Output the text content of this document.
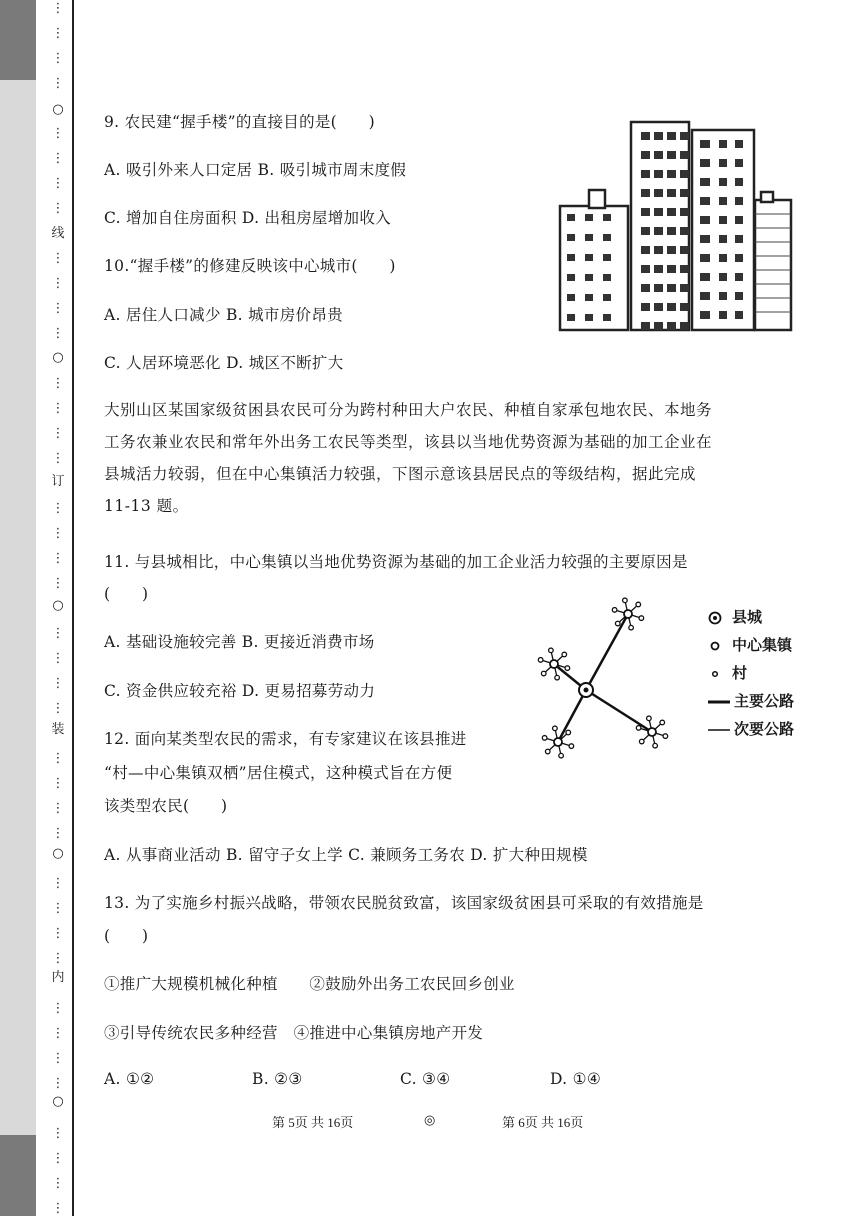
⋮
⋮
⋮
⋮
○
⋮
⋮
⋮
⋮
线
⋮
⋮
⋮
⋮
○
⋮
⋮
⋮
⋮
订
⋮
⋮
⋮
⋮
○
⋮
⋮
⋮
⋮
装
⋮
⋮
⋮
⋮
○
⋮
⋮
⋮
⋮
内
⋮
⋮
⋮
⋮
○
⋮
⋮
⋮
⋮
9. 农民建“握手楼”的直接目的是(　　)
A. 吸引外来人口定居 B. 吸引城市周末度假
C. 增加自住房面积 D. 出租房屋增加收入
10.“握手楼”的修建反映该中心城市(　　)
A. 居住人口减少 B. 城市房价昂贵
C. 人居环境恶化 D. 城区不断扩大
大别山区某国家级贫困县农民可分为跨村种田大户农民、种植自家承包地农民、本地务
工务农兼业农民和常年外出务工农民等类型，该县以当地优势资源为基础的加工企业在
县城活力较弱，但在中心集镇活力较强，下图示意该县居民点的等级结构，据此完成
11-13 题。
11. 与县城相比，中心集镇以当地优势资源为基础的加工企业活力较强的主要原因是
(　　)
A. 基础设施较完善 B. 更接近消费市场
C. 资金供应较充裕 D. 更易招募劳动力
县城
中心集镇
村
主要公路
次要公路
12. 面向某类型农民的需求，有专家建议在该县推进
“村—中心集镇双栖”居住模式，这种模式旨在方便
该类型农民(　　)
A. 从事商业活动 B. 留守子女上学 C. 兼顾务工务农 D. 扩大种田规模
13. 为了实施乡村振兴战略，带领农民脱贫致富，该国家级贫困县可采取的有效措施是
(　　)
①推广大规模机械化种植　　②鼓励外出务工农民回乡创业
③引导传统农民多种经营　④推进中心集镇房地产开发
A. ①②	B. ②③	C. ③④	D. ①④
第 5页 共 16页	◎	第 6页 共 16页
